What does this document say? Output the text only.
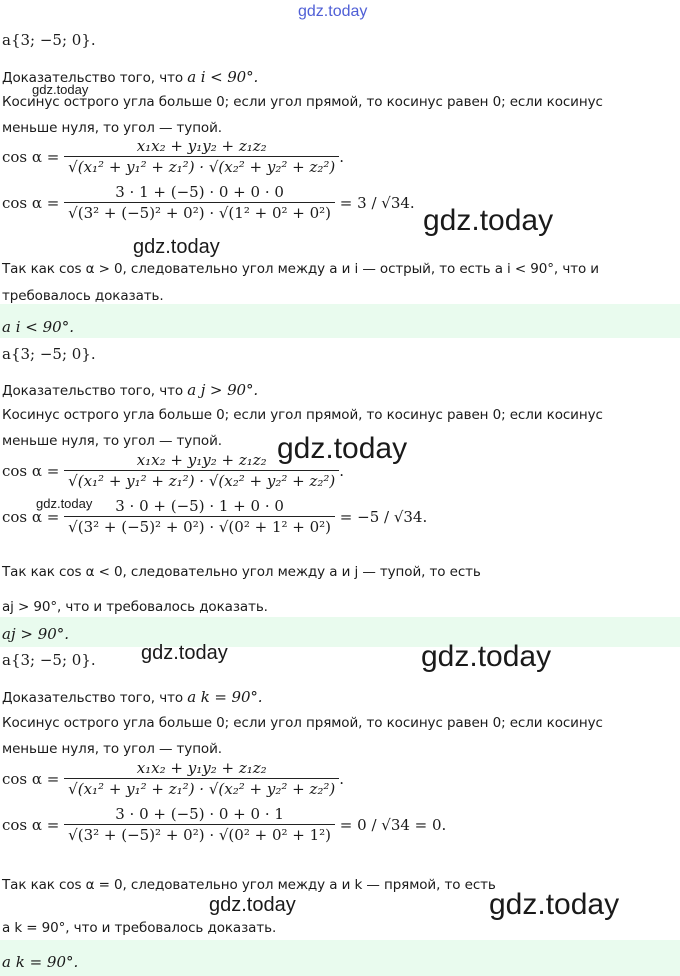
gdz.today
a{3; −5; 0}.
Доказательство того, что a i < 90°.
gdz.today
Косинус острого угла больше 0; если угол прямой, то косинус равен 0; если косинус
меньше нуля, то угол — тупой.
cos α =
$\frac{\text{x₁x₂ + y₁y₂ + z₁z₂}}{\text{√(x₁² + y₁² + z₁²) · √(x₂² + y₂² + z₂²)}}$ .
cos α =
$\frac{3 \cdot 1 + (-5) \cdot 0 + 0 \cdot 0}{\text{√(3² + (−5)² + 0²) · √(1² + 0² + 0²)}}$
= 3 / √34.
gdz.today
gdz.today
Так как cos α > 0, следовательно угол между a и i — острый, то есть a i < 90°, что и
требовалось доказать.
a i < 90°.
a{3; −5; 0}.
Доказательство того, что a j > 90°.
Косинус острого угла больше 0; если угол прямой, то косинус равен 0; если косинус
меньше нуля, то угол — тупой. gdz.today
cos α =
$\frac{\text{x₁x₂ + y₁y₂ + z₁z₂}}{\text{√(x₁² + y₁² + z₁²) · √(x₂² + y₂² + z₂²)}}$ .
gdz.today
cos α =
$\frac{3 \cdot 0 + (-5) \cdot 1 + 0 \cdot 0}{\text{√(3² + (−5)² + 0²) · √(0² + 1² + 0²)}}$
= −5 / √34.
Так как cos α < 0, следовательно угол между a и j — тупой, то есть
aj > 90°, что и требовалось доказать.
aj > 90°.
a{3; −5; 0}. gdz.today	gdz.today
Доказательство того, что a k = 90°.
Косинус острого угла больше 0; если угол прямой, то косинус равен 0; если косинус
меньше нуля, то угол — тупой.
cos α =
$\frac{\text{x₁x₂ + y₁y₂ + z₁z₂}}{\text{√(x₁² + y₁² + z₁²) · √(x₂² + y₂² + z₂²)}}$ .
cos α =
$\frac{3 \cdot 0 + (-5) \cdot 0 + 0 \cdot 1}{\text{√(3² + (−5)² + 0²) · √(0² + 0² + 1²)}}$
= 0 / √34 = 0.
Так как cos α = 0, следовательно угол между a и k — прямой, то есть
gdz.today	gdz.today
a k = 90°, что и требовалось доказать.
a k = 90°.
